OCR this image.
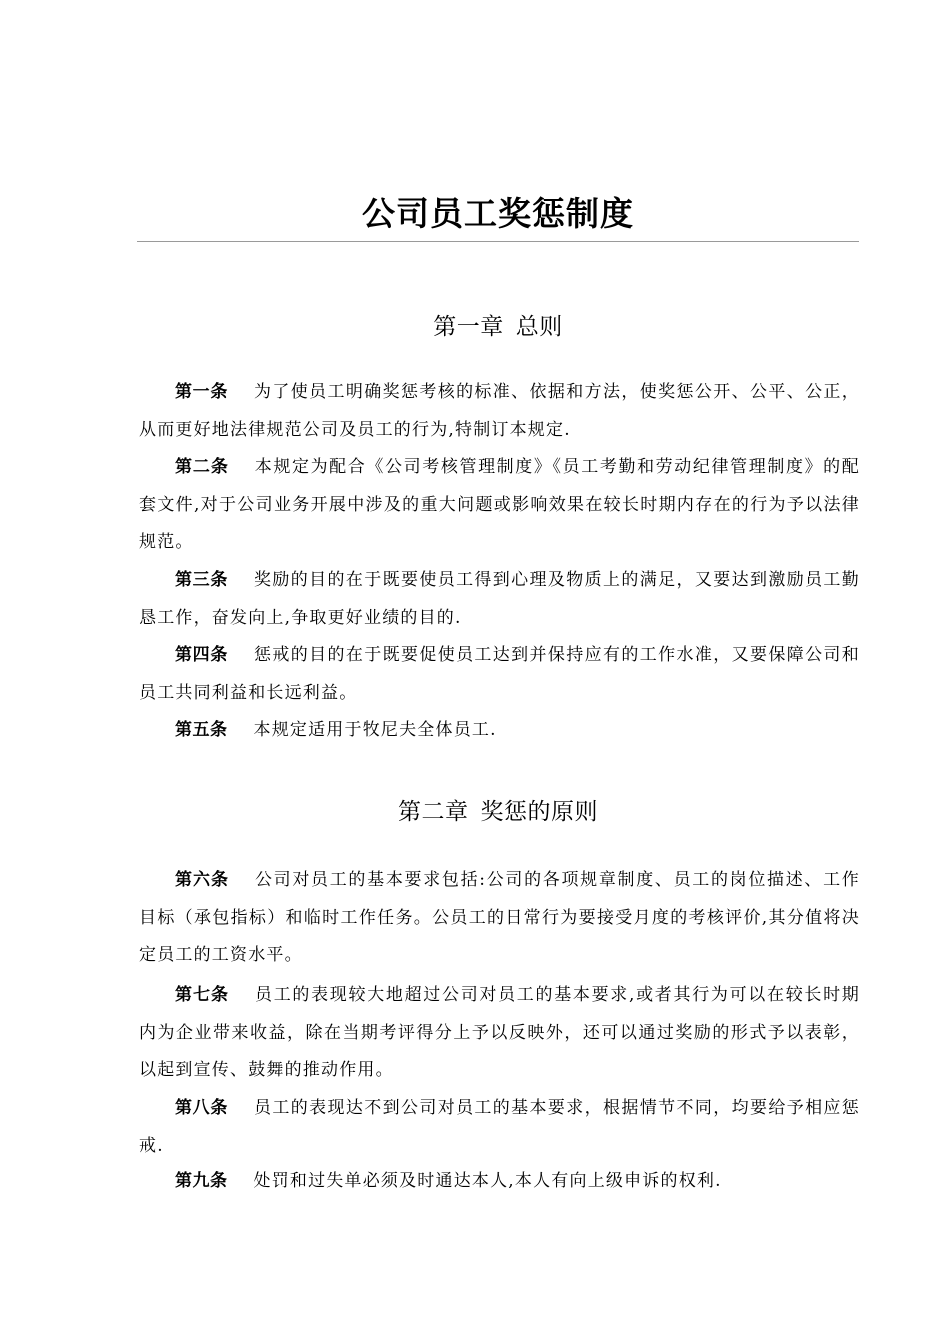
公司员工奖惩制度
第一章 总则

第一条 为了使员工明确奖惩考核的标准、依据和方法，使奖惩公开、公平、公正，从而更好地法律规范公司及员工的行为,特制订本规定.

第二条 本规定为配合《公司考核管理制度》《员工考勤和劳动纪律管理制度》的配套文件,对于公司业务开展中涉及的重大问题或影响效果在较长时期内存在的行为予以法律规范。

第三条 奖励的目的在于既要使员工得到心理及物质上的满足，又要达到激励员工勤恳工作，奋发向上,争取更好业绩的目的.

第四条 惩戒的目的在于既要促使员工达到并保持应有的工作水准，又要保障公司和员工共同利益和长远利益。

第五条 本规定适用于牧尼夫全体员工.

第二章 奖惩的原则

第六条 公司对员工的基本要求包括:公司的各项规章制度、员工的岗位描述、工作目标（承包指标）和临时工作任务。公员工的日常行为要接受月度的考核评价,其分值将决定员工的工资水平。

第七条 员工的表现较大地超过公司对员工的基本要求,或者其行为可以在较长时期内为企业带来收益，除在当期考评得分上予以反映外，还可以通过奖励的形式予以表彰，以起到宣传、鼓舞的推动作用。

第八条 员工的表现达不到公司对员工的基本要求，根据情节不同，均要给予相应惩戒.

第九条 处罚和过失单必须及时通达本人,本人有向上级申诉的权利.
